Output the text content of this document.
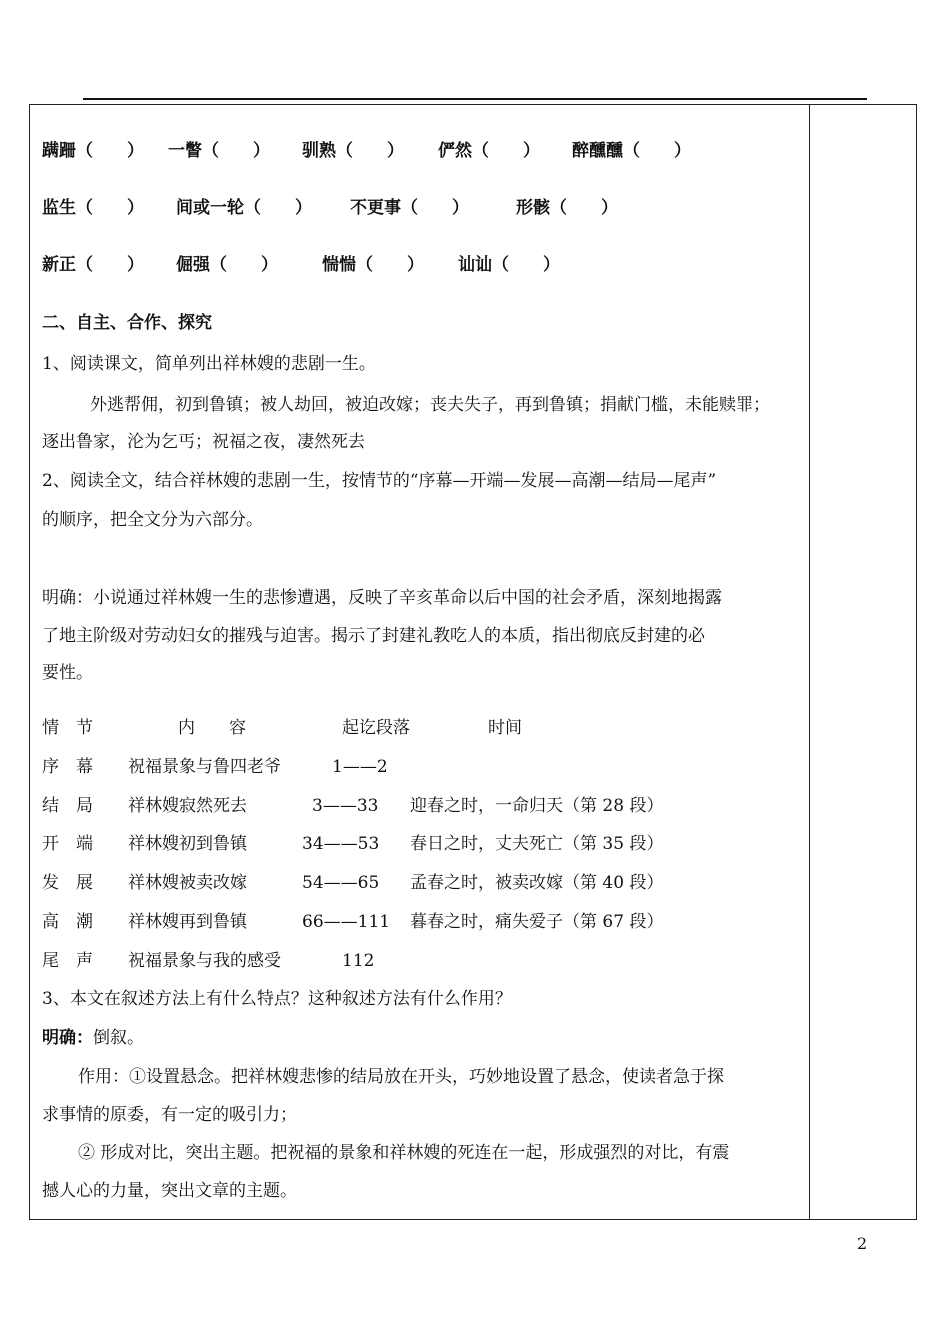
蹒跚（　　） 一瞥（　　） 驯熟（　　） 俨然（　　） 醉醺醺（　　）
监生（　　） 间或一轮（　　） 不更事（　　）	形骸（　　）
新正（　　） 倔强（　　）	惴惴（　　） 讪讪（　　）
二、自主、合作、探究
1、阅读课文，简单列出祥林嫂的悲剧一生。
外逃帮佣，初到鲁镇；被人劫回，被迫改嫁；丧夫失子，再到鲁镇；捐献门槛，未能赎罪；
逐出鲁家，沦为乞丐；祝福之夜，凄然死去
2、阅读全文，结合祥林嫂的悲剧一生，按情节的“序幕—开端—发展—高潮—结局—尾声”
的顺序，把全文分为六部分。
明确：小说通过祥林嫂一生的悲惨遭遇，反映了辛亥革命以后中国的社会矛盾，深刻地揭露
了地主阶级对劳动妇女的摧残与迫害。揭示了封建礼教吃人的本质，指出彻底反封建的必
要性。
情　节	内　　容	起讫段落	时间
序　幕 祝福景象与鲁四老爷	1——2
结　局 祥林嫂寂然死去	3——33 迎春之时，一命归天（第 28 段）
开　端 祥林嫂初到鲁镇	34——53 春日之时，丈夫死亡（第 35 段）
发　展 祥林嫂被卖改嫁	54——65 孟春之时，被卖改嫁（第 40 段）
高　潮 祥林嫂再到鲁镇	66——111 暮春之时，痛失爱子（第 67 段）
尾　声 祝福景象与我的感受	112
3、本文在叙述方法上有什么特点？这种叙述方法有什么作用？
明确：倒叙。
作用：①设置悬念。把祥林嫂悲惨的结局放在开头，巧妙地设置了悬念，使读者急于探
求事情的原委，有一定的吸引力；
② 形成对比，突出主题。把祝福的景象和祥林嫂的死连在一起，形成强烈的对比，有震
撼人心的力量，突出文章的主题。
2
